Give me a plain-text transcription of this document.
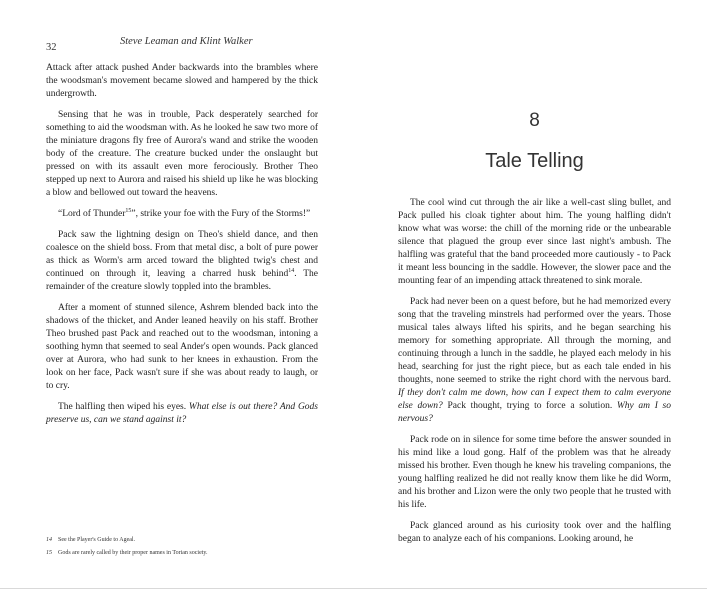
Steve Leaman and Klint Walker
32

Attack after attack pushed Ander backwards into the brambles where the woodsman's movement became slowed and hampered by the thick undergrowth.

Sensing that he was in trouble, Pack desperately searched for something to aid the woodsman with. As he looked he saw two more of the miniature dragons fly free of Aurora's wand and strike the wooden body of the creature. The creature bucked under the onslaught but pressed on with its assault even more ferociously. Brother Theo stepped up next to Aurora and raised his shield up like he was blocking a blow and bellowed out toward the heavens.

“Lord of Thunder$^{15}$”, strike your foe with the Fury of the Storms!”

Pack saw the lightning design on Theo's shield dance, and then coalesce on the shield boss. From that metal disc, a bolt of pure power as thick as Worm's arm arced toward the blighted twig's chest and continued on through it, leaving a charred husk behind$^{14}$. The remainder of the creature slowly toppled into the brambles.

After a moment of stunned silence, Ashrem blended back into the shadows of the thicket, and Ander leaned heavily on his staff. Brother Theo brushed past Pack and reached out to the woodsman, intoning a soothing hymn that seemed to seal Ander's open wounds. Pack glanced over at Aurora, who had sunk to her knees in exhaustion. From the look on her face, Pack wasn't sure if she was about ready to laugh, or to cry.

The halfling then wiped his eyes. What else is out there? And Gods preserve us, can we stand against it?

14 See the Player's Guide to Ageal.
15 Gods are rarely called by their proper names in Torian society.
8
Tale Telling

The cool wind cut through the air like a well-cast sling bullet, and Pack pulled his cloak tighter about him. The young halfling didn't know what was worse: the chill of the morning ride or the unbearable silence that plagued the group ever since last night's ambush. The halfling was grateful that the band proceeded more cautiously - to Pack it meant less bouncing in the saddle. However, the slower pace and the mounting fear of an impending attack threatened to sink morale.

Pack had never been on a quest before, but he had memorized every song that the traveling minstrels had performed over the years. Those musical tales always lifted his spirits, and he began searching his memory for something appropriate. All through the morning, and continuing through a lunch in the saddle, he played each melody in his head, searching for just the right piece, but as each tale ended in his thoughts, none seemed to strike the right chord with the nervous bard. If they don't calm me down, how can I expect them to calm everyone else down? Pack thought, trying to force a solution. Why am I so nervous?

Pack rode on in silence for some time before the answer sounded in his mind like a loud gong. Half of the problem was that he already missed his brother. Even though he knew his traveling companions, the young halfling realized he did not really know them like he did Worm, and his brother and Lizon were the only two people that he trusted with his life.

Pack glanced around as his curiosity took over and the halfling began to analyze each of his companions. Looking around, he
